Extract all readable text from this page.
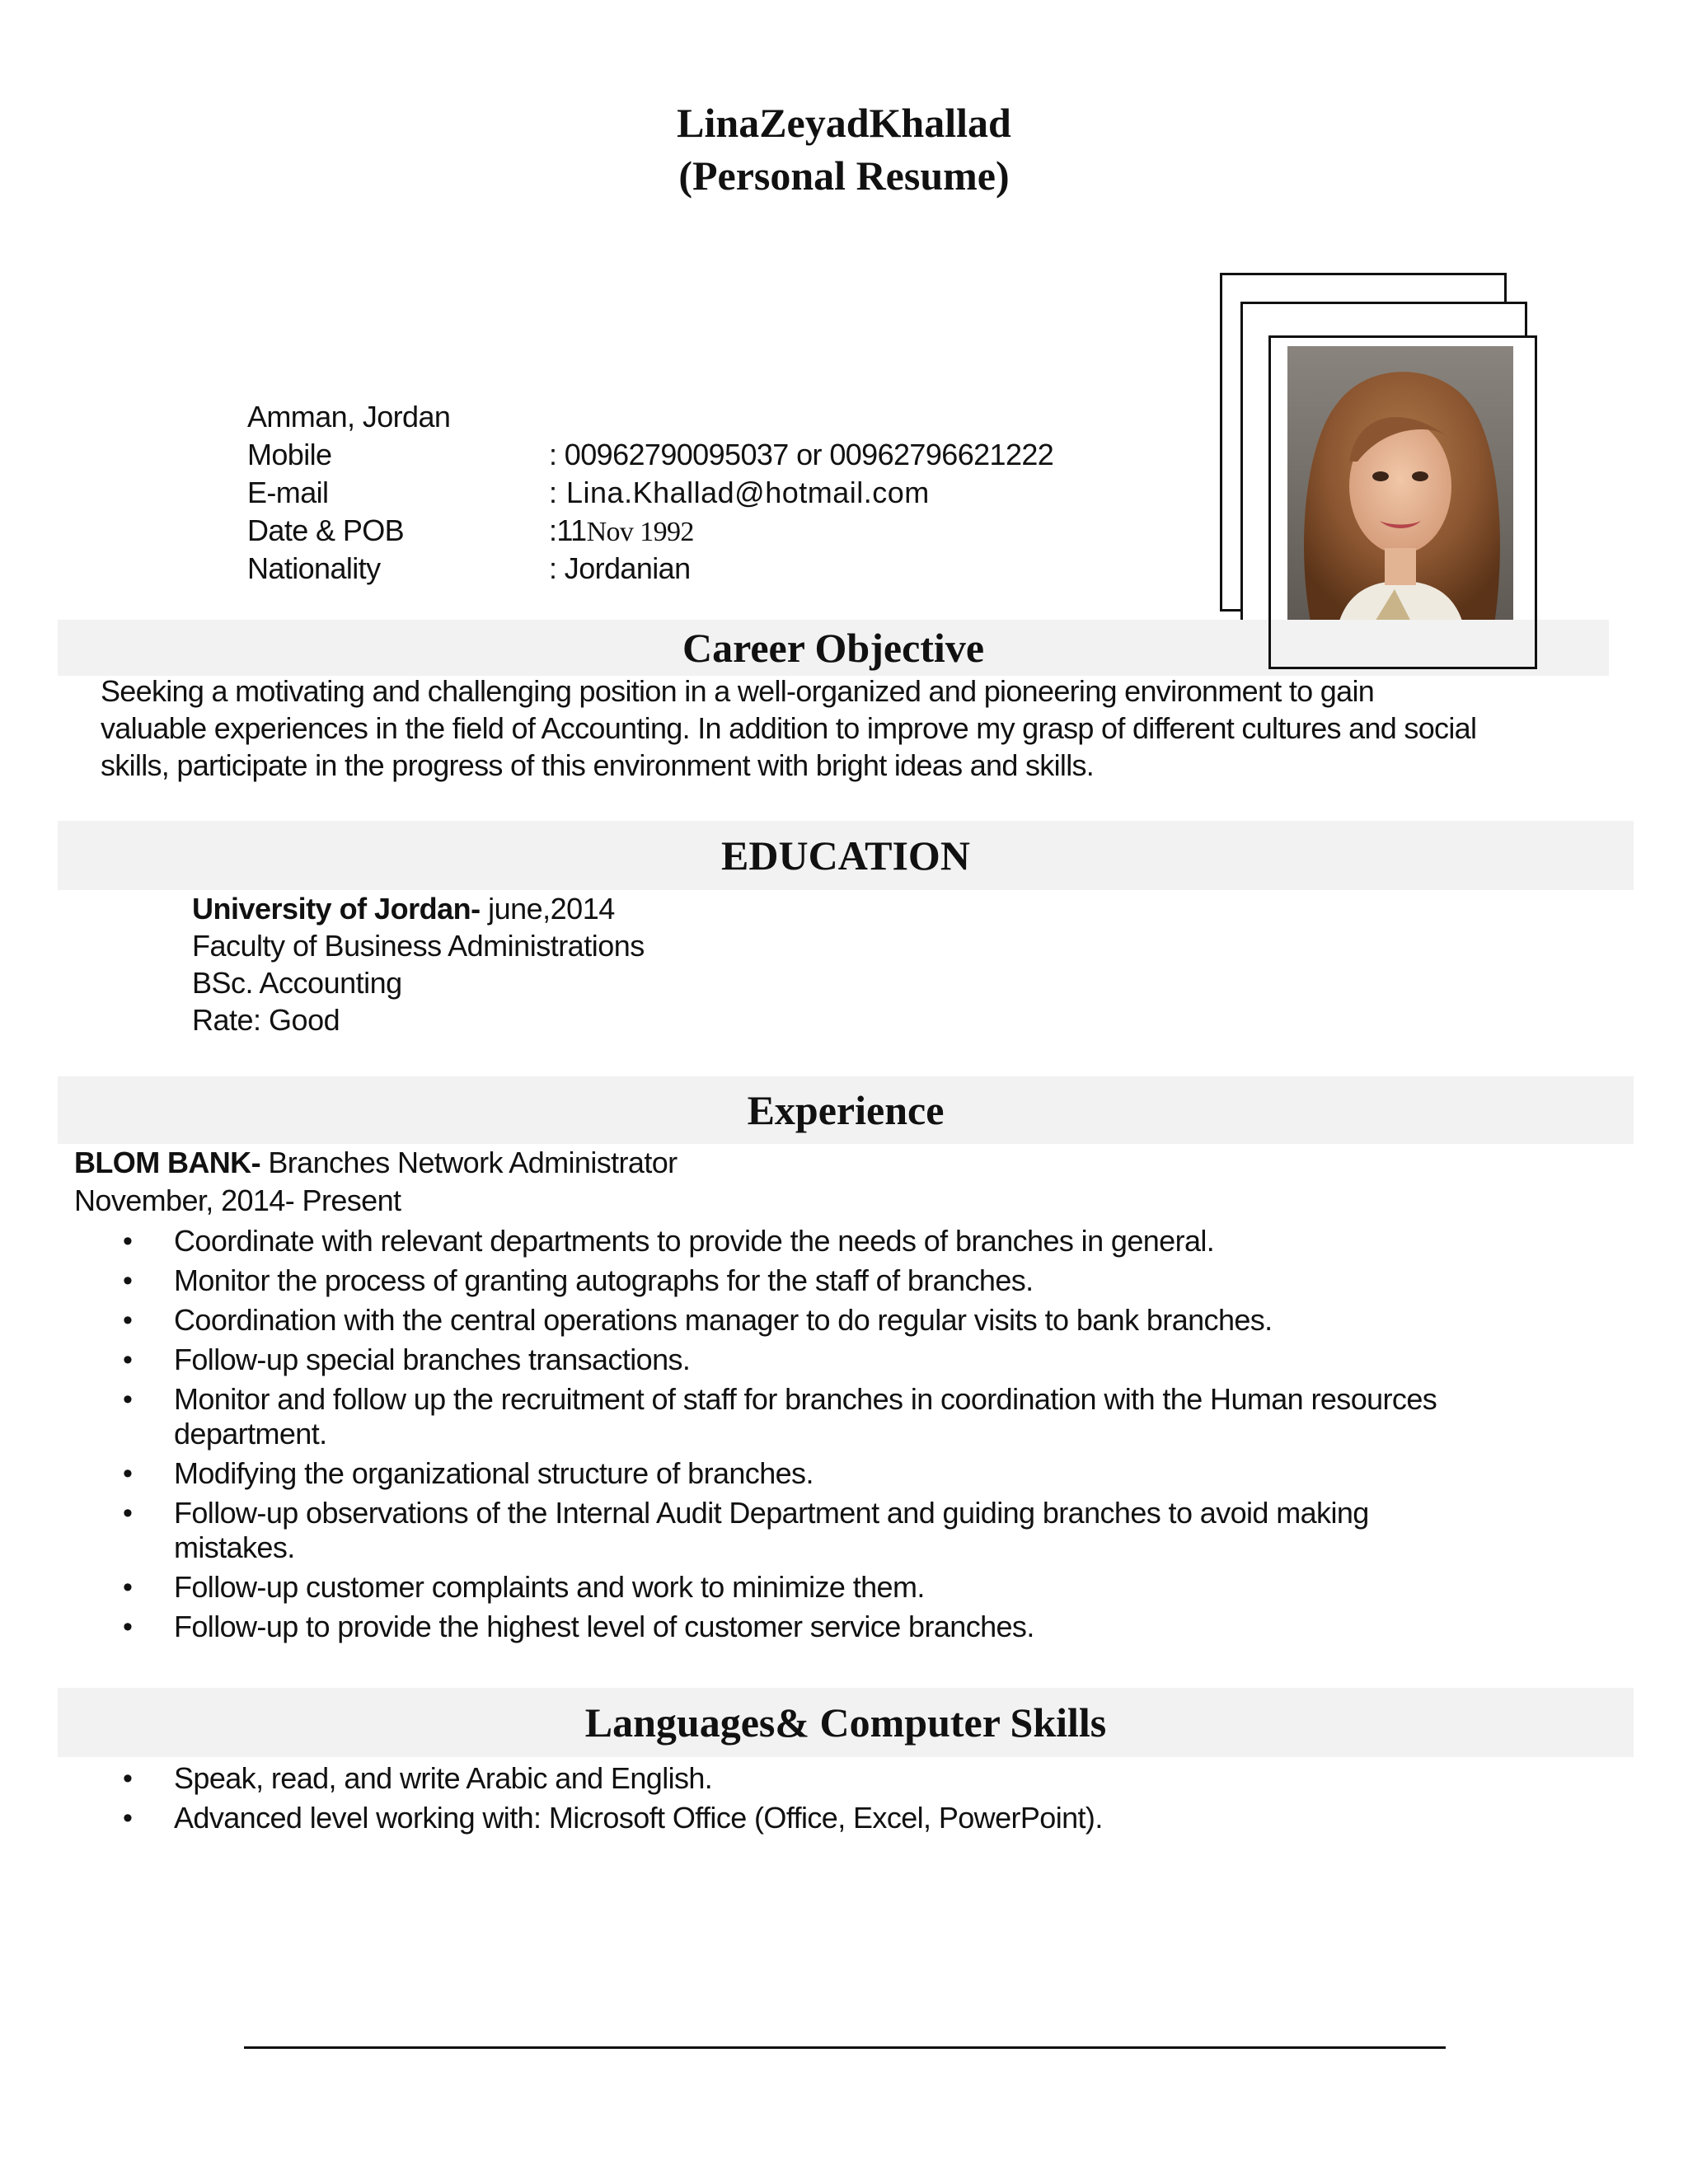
LinaZeyadKhallad
(Personal Resume)
Amman, Jordan
Mobile	: 00962790095037 or 00962796621222
E-mail	: Lina.Khallad@hotmail.com
Date & POB	:11Nov 1992
Nationality	: Jordanian
Career Objective
Seeking a motivating and challenging position in a well-organized and pioneering environment to gain valuable experiences in the field of Accounting. In addition to improve my grasp of different cultures and social skills, participate in the progress of this environment with bright ideas and skills.
EDUCATION
University of Jordan- june,2014
Faculty of Business Administrations
BSc. Accounting
Rate: Good
Experience
BLOM BANK- Branches Network Administrator
November, 2014- Present
• Coordinate with relevant departments to provide the needs of branches in general.
• Monitor the process of granting autographs for the staff of branches.
• Coordination with the central operations manager to do regular visits to bank branches.
• Follow-up special branches transactions.
• Monitor and follow up the recruitment of staff for branches in coordination with the Human resources department.
• Modifying the organizational structure of branches.
• Follow-up observations of the Internal Audit Department and guiding branches to avoid making mistakes.
• Follow-up customer complaints and work to minimize them.
• Follow-up to provide the highest level of customer service branches.
Languages& Computer Skills
• Speak, read, and write Arabic and English.
• Advanced level working with: Microsoft Office (Office, Excel, PowerPoint).
